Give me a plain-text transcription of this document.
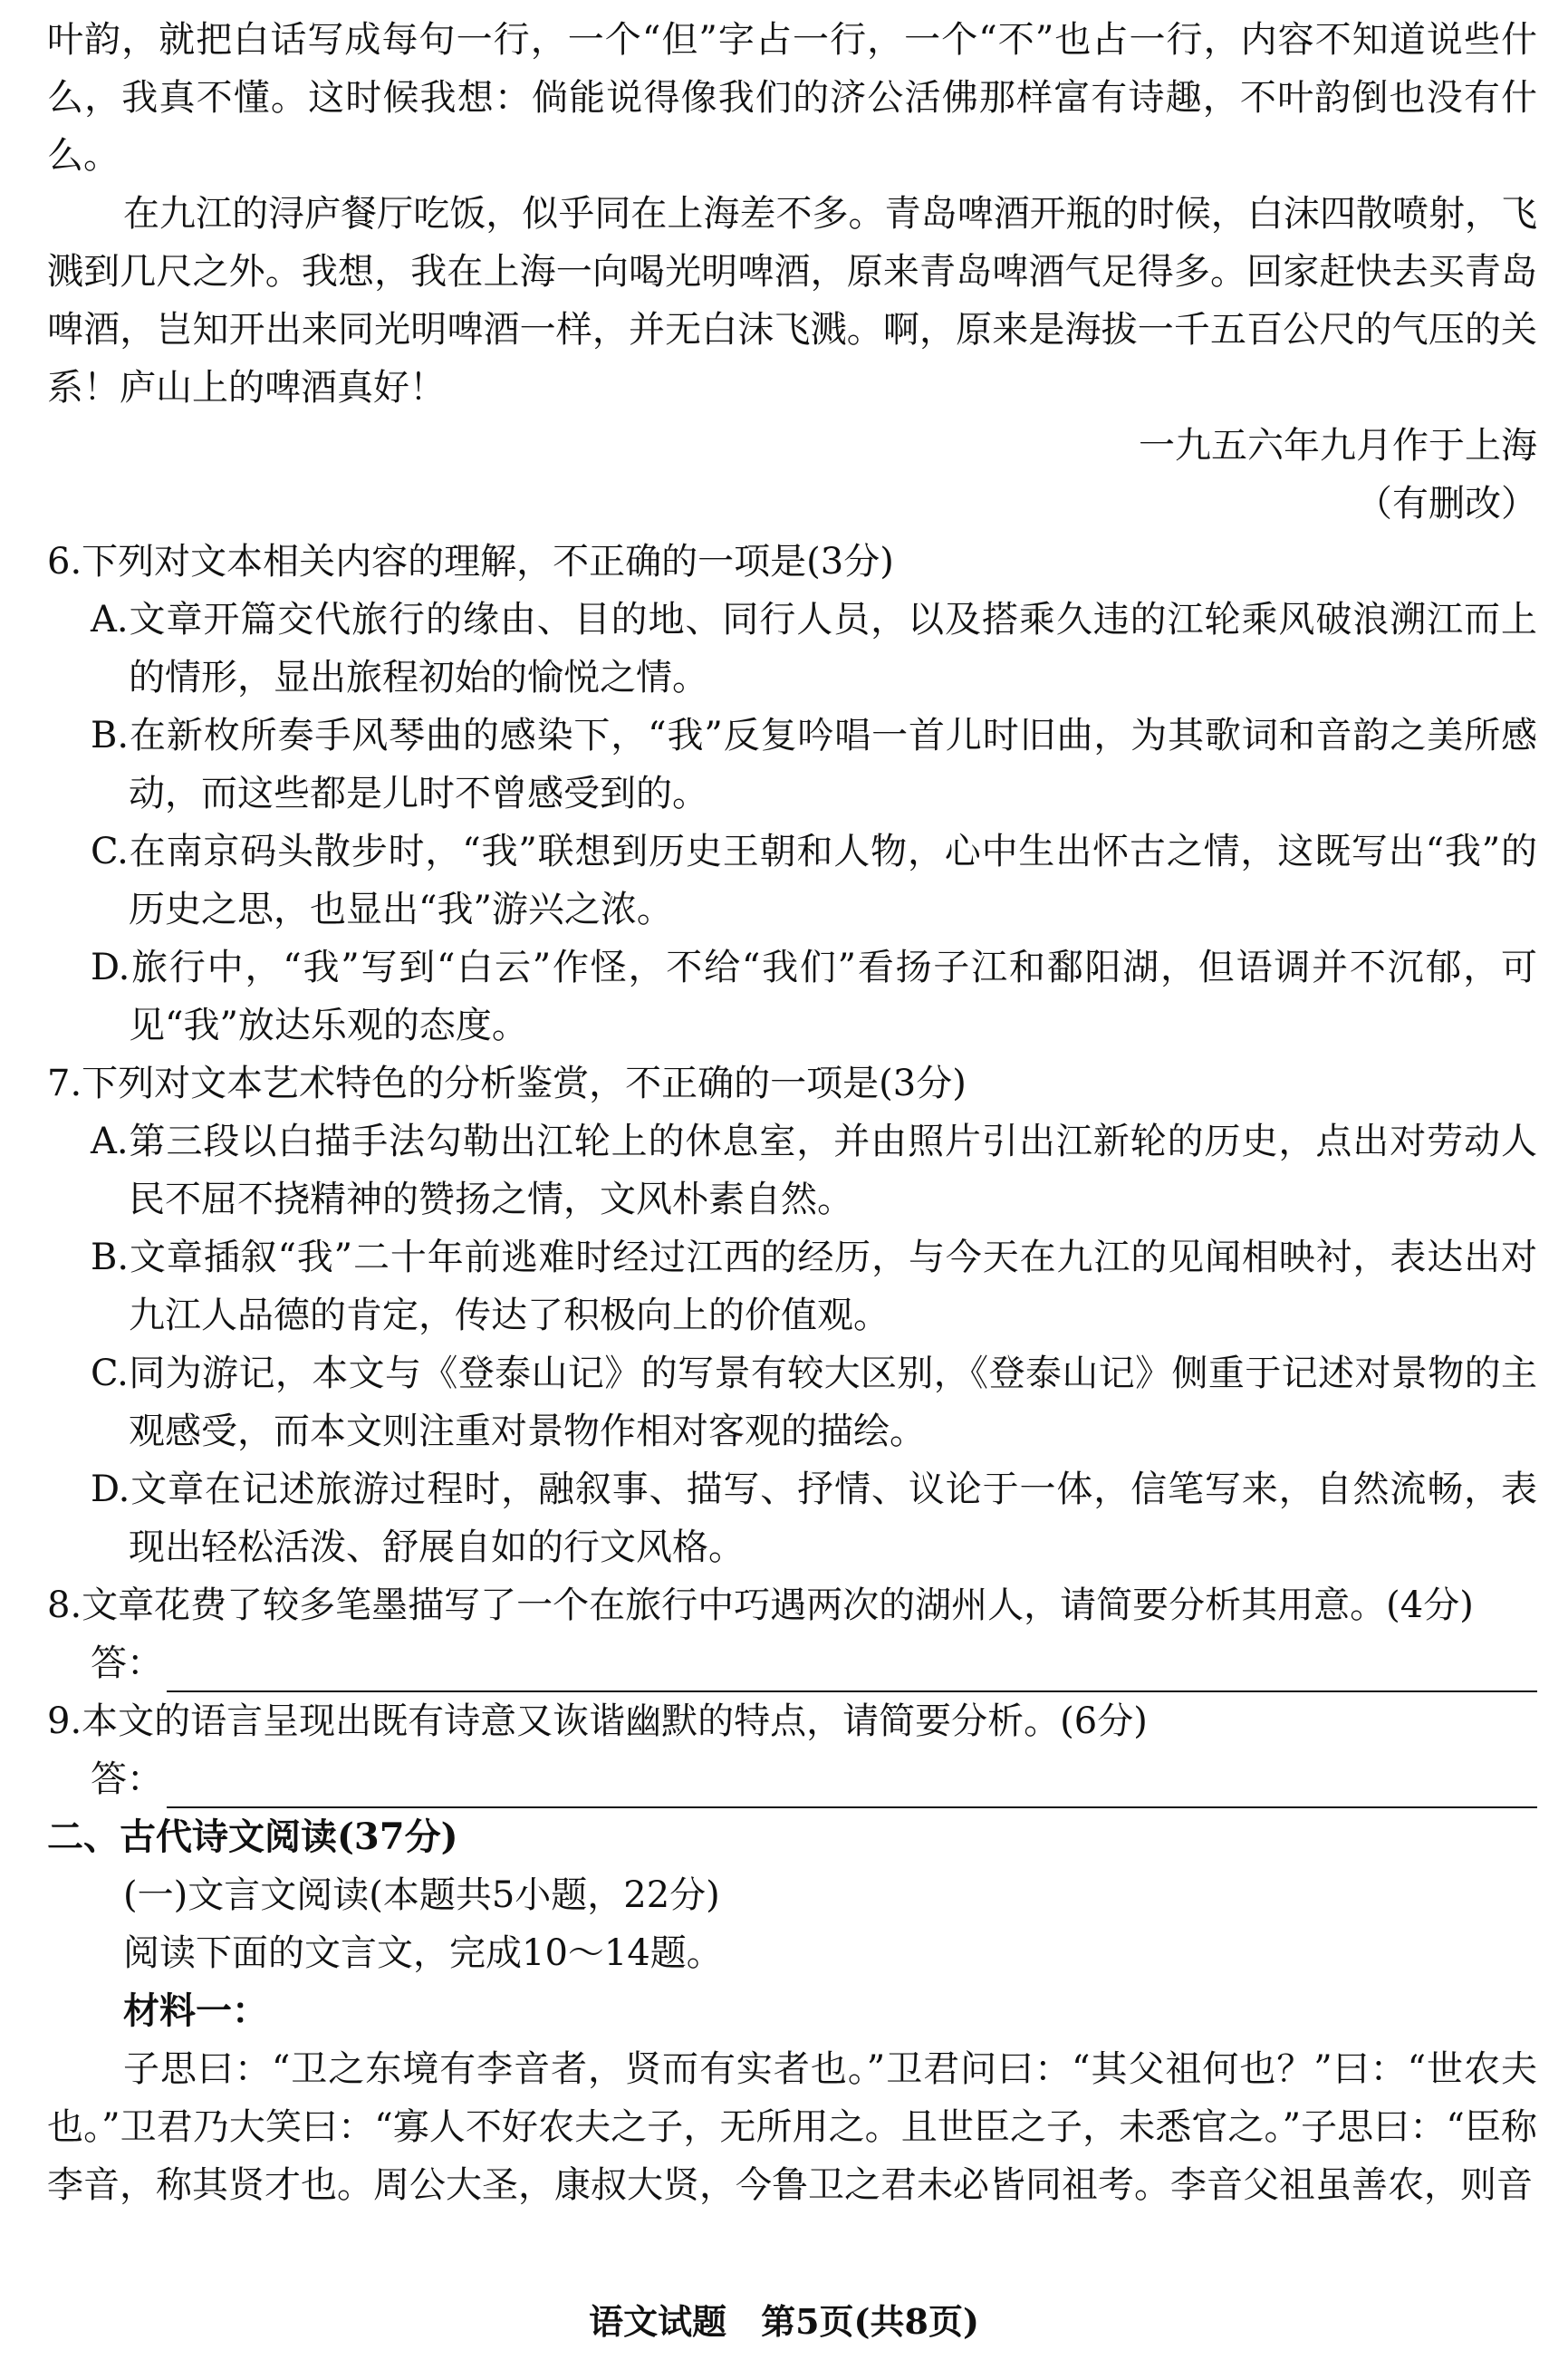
叶韵，就把白话写成每句一行，一个“但”字占一行，一个“不”也占一行，内容不知道说些什么，我真不懂。这时候我想：倘能说得像我们的济公活佛那样富有诗趣，不叶韵倒也没有什么。

在九江的浔庐餐厅吃饭，似乎同在上海差不多。青岛啤酒开瓶的时候，白沫四散喷射，飞溅到几尺之外。我想，我在上海一向喝光明啤酒，原来青岛啤酒气足得多。回家赶快去买青岛啤酒，岂知开出来同光明啤酒一样，并无白沫飞溅。啊，原来是海拔一千五百公尺的气压的关系！庐山上的啤酒真好！

一九五六年九月作于上海

（有删改）

6.下列对文本相关内容的理解，不正确的一项是(3分)

A.文章开篇交代旅行的缘由、目的地、同行人员，以及搭乘久违的江轮乘风破浪溯江而上的情形，显出旅程初始的愉悦之情。

B.在新枚所奏手风琴曲的感染下，“我”反复吟唱一首儿时旧曲，为其歌词和音韵之美所感动，而这些都是儿时不曾感受到的。

C.在南京码头散步时，“我”联想到历史王朝和人物，心中生出怀古之情，这既写出“我”的历史之思，也显出“我”游兴之浓。

D.旅行中，“我”写到“白云”作怪，不给“我们”看扬子江和鄱阳湖，但语调并不沉郁，可见“我”放达乐观的态度。

7.下列对文本艺术特色的分析鉴赏，不正确的一项是(3分)

A.第三段以白描手法勾勒出江轮上的休息室，并由照片引出江新轮的历史，点出对劳动人民不屈不挠精神的赞扬之情，文风朴素自然。

B.文章插叙“我”二十年前逃难时经过江西的经历，与今天在九江的见闻相映衬，表达出对九江人品德的肯定，传达了积极向上的价值观。

C.同为游记，本文与《登泰山记》的写景有较大区别，《登泰山记》侧重于记述对景物的主观感受，而本文则注重对景物作相对客观的描绘。

D.文章在记述旅游过程时，融叙事、描写、抒情、议论于一体，信笔写来，自然流畅，表现出轻松活泼、舒展自如的行文风格。

8.文章花费了较多笔墨描写了一个在旅行中巧遇两次的湖州人，请简要分析其用意。(4分)

答：

9.本文的语言呈现出既有诗意又诙谐幽默的特点，请简要分析。(6分)

答：

二、古代诗文阅读(37分)

(一)文言文阅读(本题共5小题，22分)

阅读下面的文言文，完成10～14题。

材料一：

子思曰：“卫之东境有李音者，贤而有实者也。”卫君问曰：“其父祖何也？”曰：“世农夫也。”卫君乃大笑曰：“寡人不好农夫之子，无所用之。且世臣之子，未悉官之。”子思曰：“臣称李音，称其贤才也。周公大圣，康叔大贤，今鲁卫之君未必皆同祖考。李音父祖虽善农，则音

语文试题　第5页(共8页)
